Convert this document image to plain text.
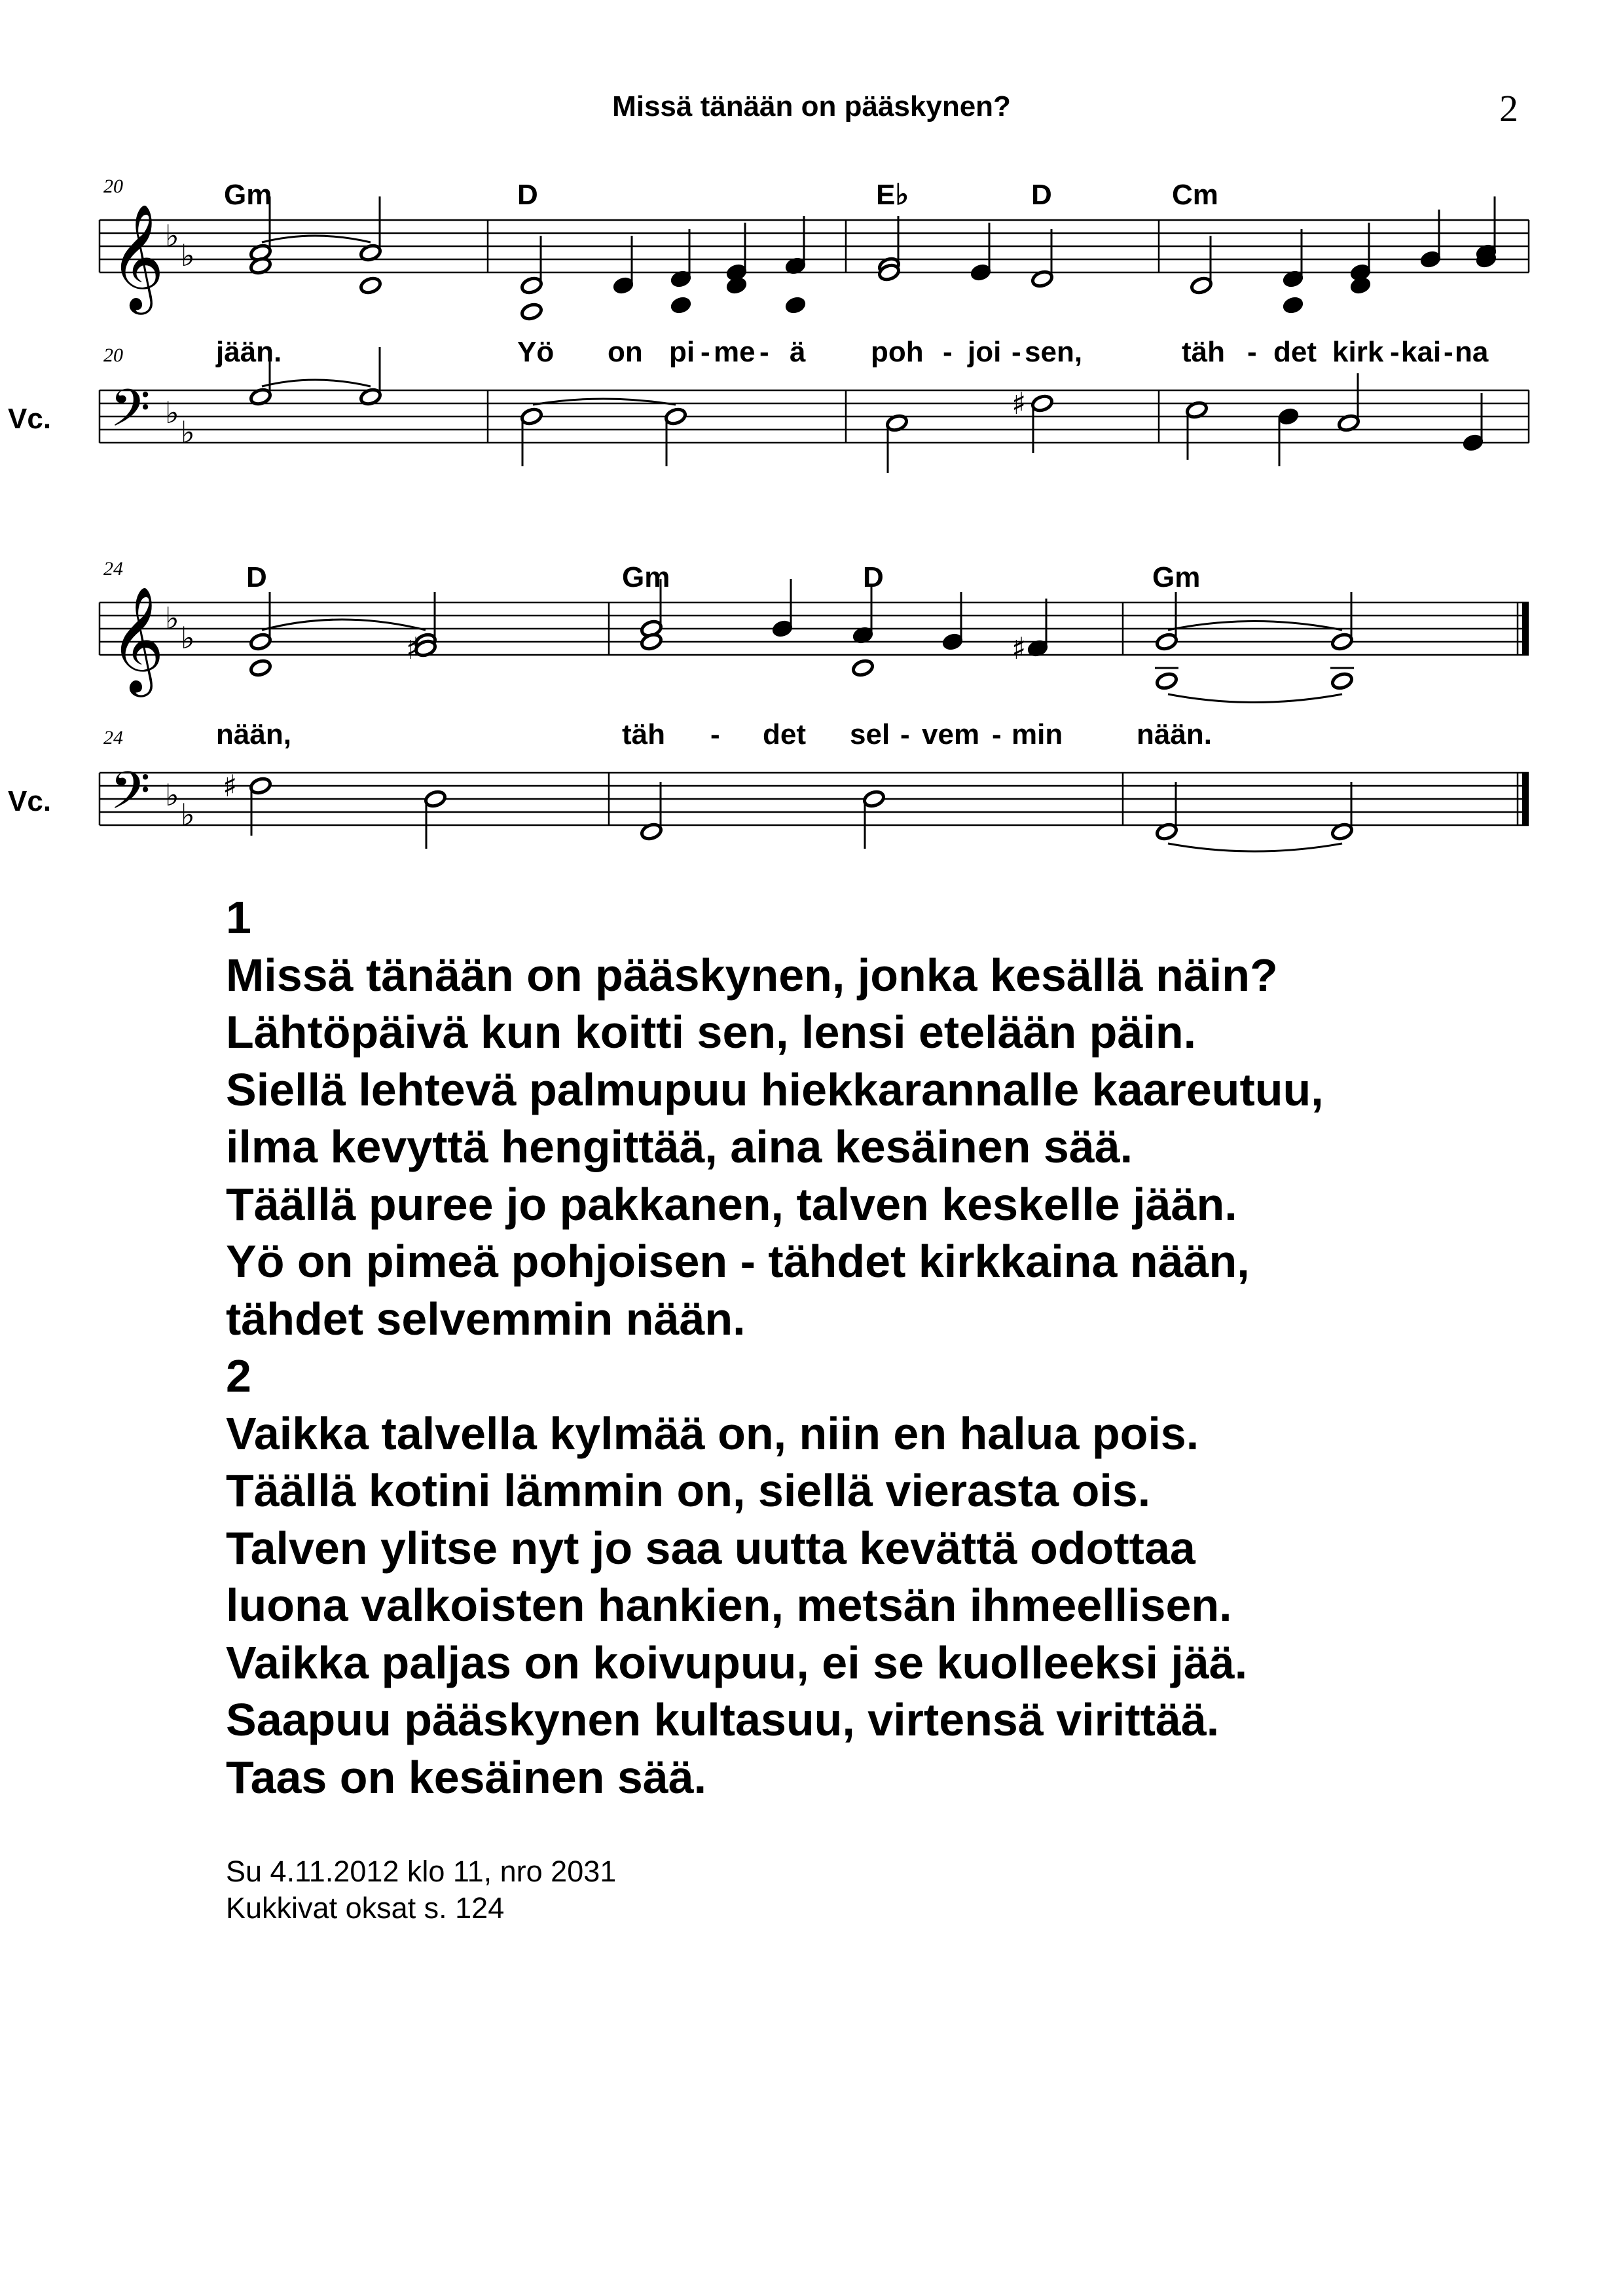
Missä tänään on pääskynen?	2
20	Gm	D	E♭	D	Cm
𝄞 ♭
♭
20	jään.	Yö on pi - me - ä poh - joi - sen,	täh - det kirk - kai - na
Vc. 𝄢 ♭
♭
♯
24	D	Gm	D	Gm
𝄞 ♭
♭	♯	♯
24	nään,	täh - det sel - vem - min	nään.
Vc. 𝄢 ♭
♭
♯
1
Missä tänään on pääskynen, jonka kesällä näin?
Lähtöpäivä kun koitti sen, lensi etelään päin.
Siellä lehtevä palmupuu hiekkarannalle kaareutuu,
ilma kevyttä hengittää, aina kesäinen sää.
Täällä puree jo pakkanen, talven keskelle jään.
Yö on pimeä pohjoisen - tähdet kirkkaina nään,
tähdet selvemmin nään.
2
Vaikka talvella kylmää on, niin en halua pois.
Täällä kotini lämmin on, siellä vierasta ois.
Talven ylitse nyt jo saa uutta kevättä odottaa
luona valkoisten hankien, metsän ihmeellisen.
Vaikka paljas on koivupuu, ei se kuolleeksi jää.
Saapuu pääskynen kultasuu, virtensä virittää.
Taas on kesäinen sää.
Su 4.11.2012 klo 11, nro 2031
Kukkivat oksat s. 124
